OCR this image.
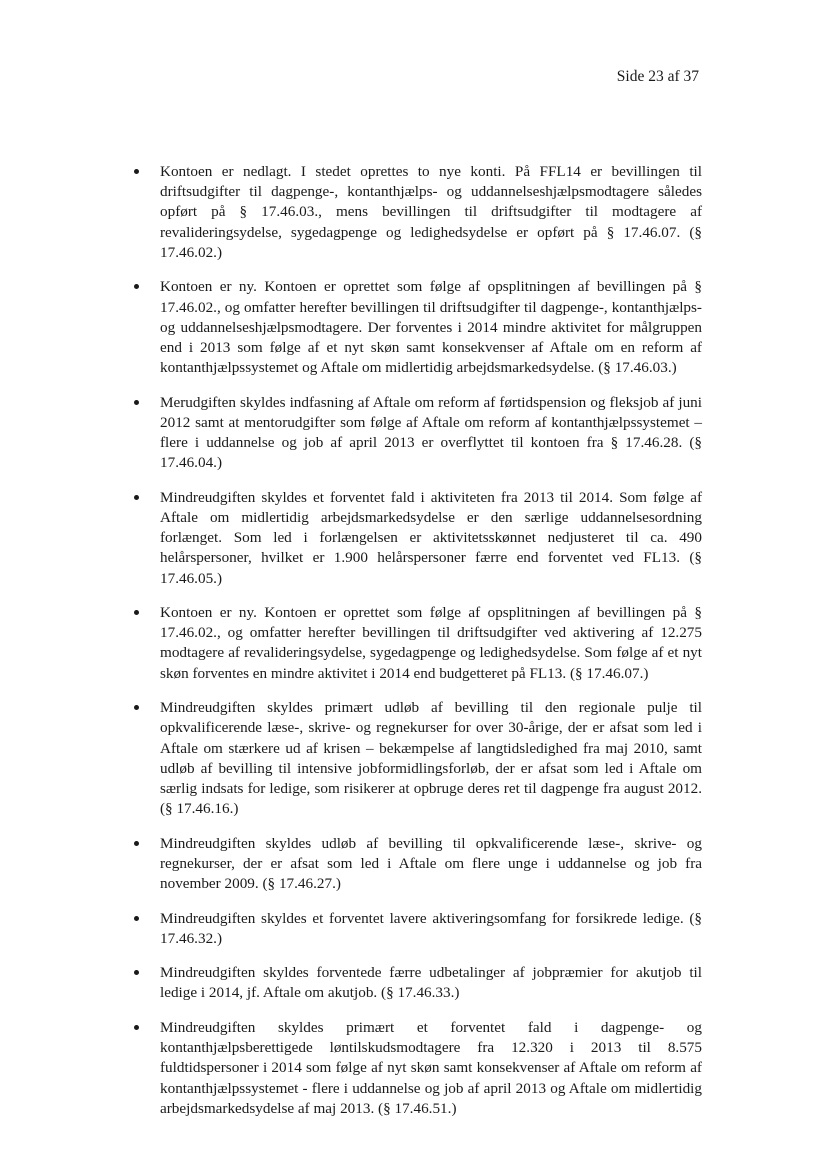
Side 23 af 37
Kontoen er nedlagt. I stedet oprettes to nye konti. På FFL14 er bevillingen til driftsudgifter til dagpenge-, kontanthjælps- og uddannelseshjælpsmodtagere således opført på § 17.46.03., mens bevillingen til driftsudgifter til modtagere af revalideringsydelse, sygedagpenge og ledighedsydelse er opført på § 17.46.07. (§ 17.46.02.)
Kontoen er ny. Kontoen er oprettet som følge af opsplitningen af bevillingen på § 17.46.02., og omfatter herefter bevillingen til driftsudgifter til dagpenge-, kontanthjælps- og uddannelseshjælpsmodtagere. Der forventes i 2014 mindre aktivitet for målgruppen end i 2013 som følge af et nyt skøn samt konsekvenser af Aftale om en reform af kontanthjælpssystemet og Aftale om midlertidig arbejdsmarkedsydelse. (§ 17.46.03.)
Merudgiften skyldes indfasning af Aftale om reform af førtidspension og fleksjob af juni 2012 samt at mentorudgifter som følge af Aftale om reform af kontanthjælpssystemet – flere i uddannelse og job af april 2013 er overflyttet til kontoen fra § 17.46.28. (§ 17.46.04.)
Mindreudgiften skyldes et forventet fald i aktiviteten fra 2013 til 2014. Som følge af Aftale om midlertidig arbejdsmarkedsydelse er den særlige uddannelsesordning forlænget. Som led i forlængelsen er aktivitetsskønnet nedjusteret til ca. 490 helårspersoner, hvilket er 1.900 helårspersoner færre end forventet ved FL13. (§ 17.46.05.)
Kontoen er ny. Kontoen er oprettet som følge af opsplitningen af bevillingen på § 17.46.02., og omfatter herefter bevillingen til driftsudgifter ved aktivering af 12.275 modtagere af revalideringsydelse, sygedagpenge og ledighedsydelse. Som følge af et nyt skøn forventes en mindre aktivitet i 2014 end budgetteret på FL13. (§ 17.46.07.)
Mindreudgiften skyldes primært udløb af bevilling til den regionale pulje til opkvalificerende læse-, skrive- og regnekurser for over 30-årige, der er afsat som led i Aftale om stærkere ud af krisen – bekæmpelse af langtidsledighed fra maj 2010, samt udløb af bevilling til intensive jobformidlingsforløb, der er afsat som led i Aftale om særlig indsats for ledige, som risikerer at opbruge deres ret til dagpenge fra august 2012. (§ 17.46.16.)
Mindreudgiften skyldes udløb af bevilling til opkvalificerende læse-, skrive- og regnekurser, der er afsat som led i Aftale om flere unge i uddannelse og job fra november 2009. (§ 17.46.27.)
Mindreudgiften skyldes et forventet lavere aktiveringsomfang for forsikrede ledige. (§ 17.46.32.)
Mindreudgiften skyldes forventede færre udbetalinger af jobpræmier for akutjob til ledige i 2014, jf. Aftale om akutjob. (§ 17.46.33.)
Mindreudgiften skyldes primært et forventet fald i dagpenge- og kontanthjælpsberettigede løntilskudsmodtagere fra 12.320 i 2013 til 8.575 fuldtidspersoner i 2014 som følge af nyt skøn samt konsekvenser af Aftale om reform af kontanthjælpssystemet - flere i uddannelse og job af april 2013 og Aftale om midlertidig arbejdsmarkedsydelse af maj 2013. (§ 17.46.51.)
